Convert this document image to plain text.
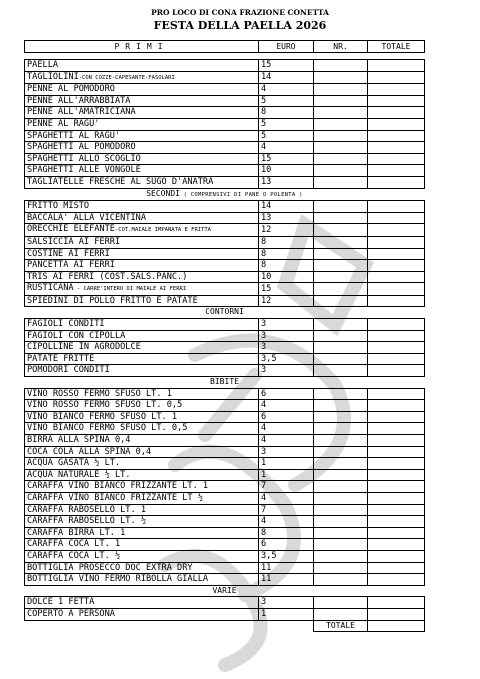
PRO LOCO DI CONA FRAZIONE CONETTA
FESTA DELLA PAELLA 2026
PRIMI	EURO	NR.	TOTALE

PAELLA	15		
TAGLIOLINI-CON COZZE-CAPESANTE-FASOLARI	14		
PENNE AL POMODORO	4		
PENNE ALL'ARRABBIATA	5		
PENNE ALL'AMATRICIANA	8		
PENNE AL RAGU'	5		
SPAGHETTI AL RAGU'	5		
SPAGHETTI AL POMODORO	4		
SPAGHETTI ALLO SCOGLIO	15		
SPAGHETTI ALLE VONGOLE	10		
TAGLIATELLE FRESCHE AL SUGO D'ANATRA	13		
SECONDI ( COMPRENSIVI DI PANE O POLENTA )			
FRITTO MISTO	14		
BACCALA' ALLA VICENTINA	13		
ORECCHIE ELEFANTE-COT.MAIALE IMPANATA E FRITTA	12		
SALSICCIA AI FERRI	8		
COSTINE AI FERRI	8		
PANCETTA AI FERRI	8		
TRIS AI FERRI (COST.SALS.PANC.)	10		
RUSTICANA - CARRE'INTERO DI MAIALE AI FERRI	15		
SPIEDINI DI POLLO FRITTO E PATATE	12		
CONTORNI			
FAGIOLI CONDITI	3		
FAGIOLI CON CIPOLLA	3		
CIPOLLINE IN AGRODOLCE	3		
PATATE FRITTE	3,5		
POMODORI CONDITI	3		
BIBITE			
VINO ROSSO FERMO SFUSO LT. 1	6		
VINO ROSSO FERMO SFUSO LT. 0,5	4		
VINO BIANCO FERMO SFUSO LT. 1	6		
VINO BIANCO FERMO SFUSO LT. 0,5	4		
BIRRA ALLA SPINA 0,4	4		
COCA COLA ALLA SPINA 0,4	3		
ACQUA GASATA ½ LT.	1		
ACQUA NATURALE ½ LT.	1		
CARAFFA VINO BIANCO FRIZZANTE LT. 1	7		
CARAFFA VINO BIANCO FRIZZANTE LT ½	4		
CARAFFA RABOSELLO LT. 1	7		
CARAFFA RABOSELLO LT. ½	4		
CARAFFA BIRRA LT. 1	8		
CARAFFA COCA LT. 1	6		
CARAFFA COCA LT. ½	3,5		
BOTTIGLIA PROSECCO DOC EXTRA DRY	11		
BOTTIGLIA VINO FERMO RIBOLLA GIALLA	11		
VARIE			
DOLCE 1 FETTA	3		
COPERTO A PERSONA	1		
		TOTALE	
